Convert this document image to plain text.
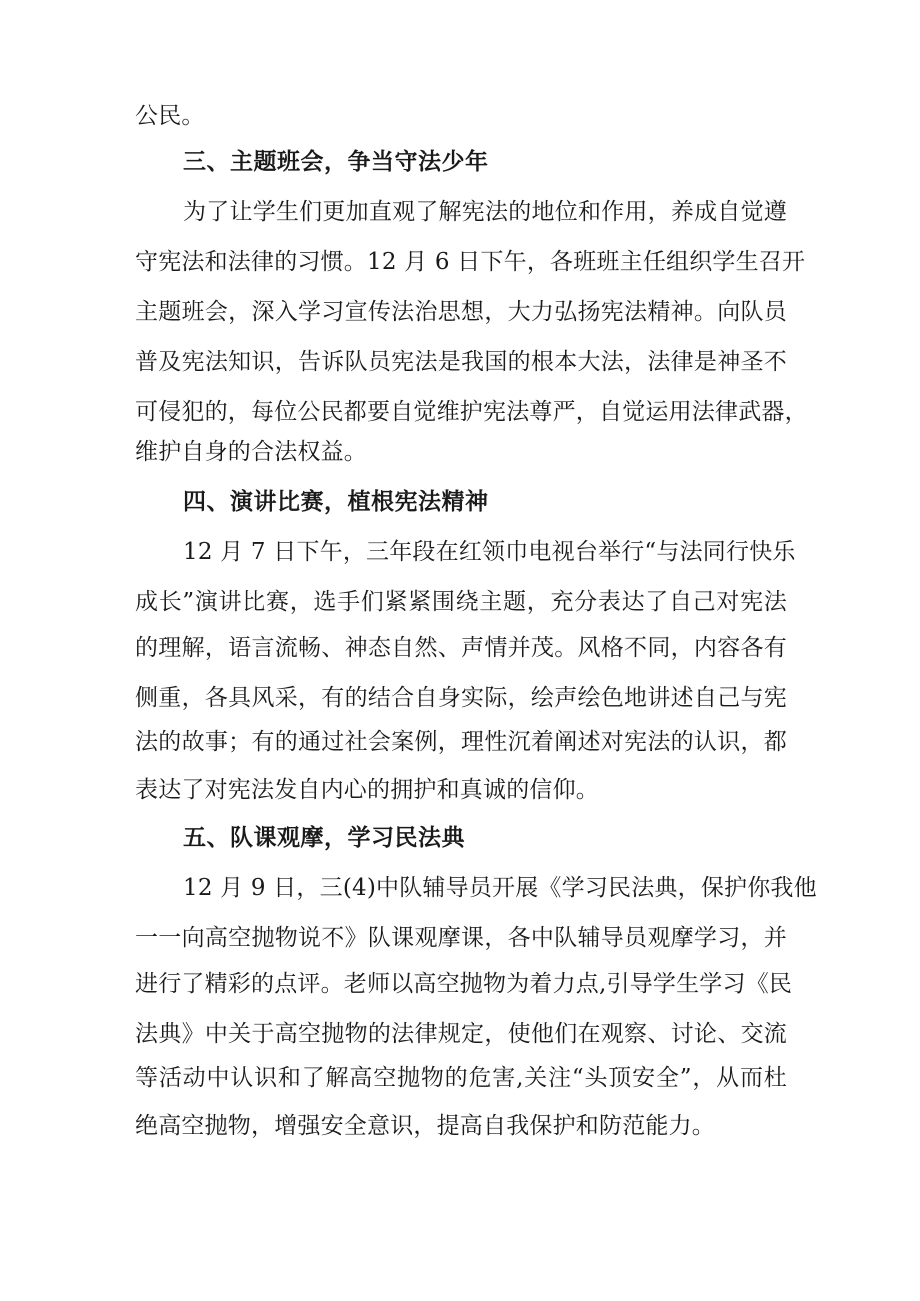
公民。

三、主题班会，争当守法少年

为了让学生们更加直观了解宪法的地位和作用，养成自觉遵

守宪法和法律的习惯。12 月 6 日下午，各班班主任组织学生召开

主题班会，深入学习宣传法治思想，大力弘扬宪法精神。向队员

普及宪法知识，告诉队员宪法是我国的根本大法，法律是神圣不

可侵犯的，每位公民都要自觉维护宪法尊严，自觉运用法律武器，

维护自身的合法权益。

四、演讲比赛，植根宪法精神

12 月 7 日下午，三年段在红领巾电视台举行“与法同行快乐

成长”演讲比赛，选手们紧紧围绕主题，充分表达了自己对宪法

的理解，语言流畅、神态自然、声情并茂。风格不同，内容各有

侧重，各具风采，有的结合自身实际，绘声绘色地讲述自己与宪

法的故事；有的通过社会案例，理性沉着阐述对宪法的认识，都

表达了对宪法发自内心的拥护和真诚的信仰。

五、队课观摩，学习民法典

12 月 9 日，三(4)中队辅导员开展《学习民法典，保护你我他

一一向高空抛物说不》队课观摩课，各中队辅导员观摩学习，并

进行了精彩的点评。老师以高空抛物为着力点,引导学生学习《民

法典》中关于高空抛物的法律规定，使他们在观察、讨论、交流

等活动中认识和了解高空抛物的危害,关注“头顶安全”，从而杜

绝高空抛物，增强安全意识，提高自我保护和防范能力。
